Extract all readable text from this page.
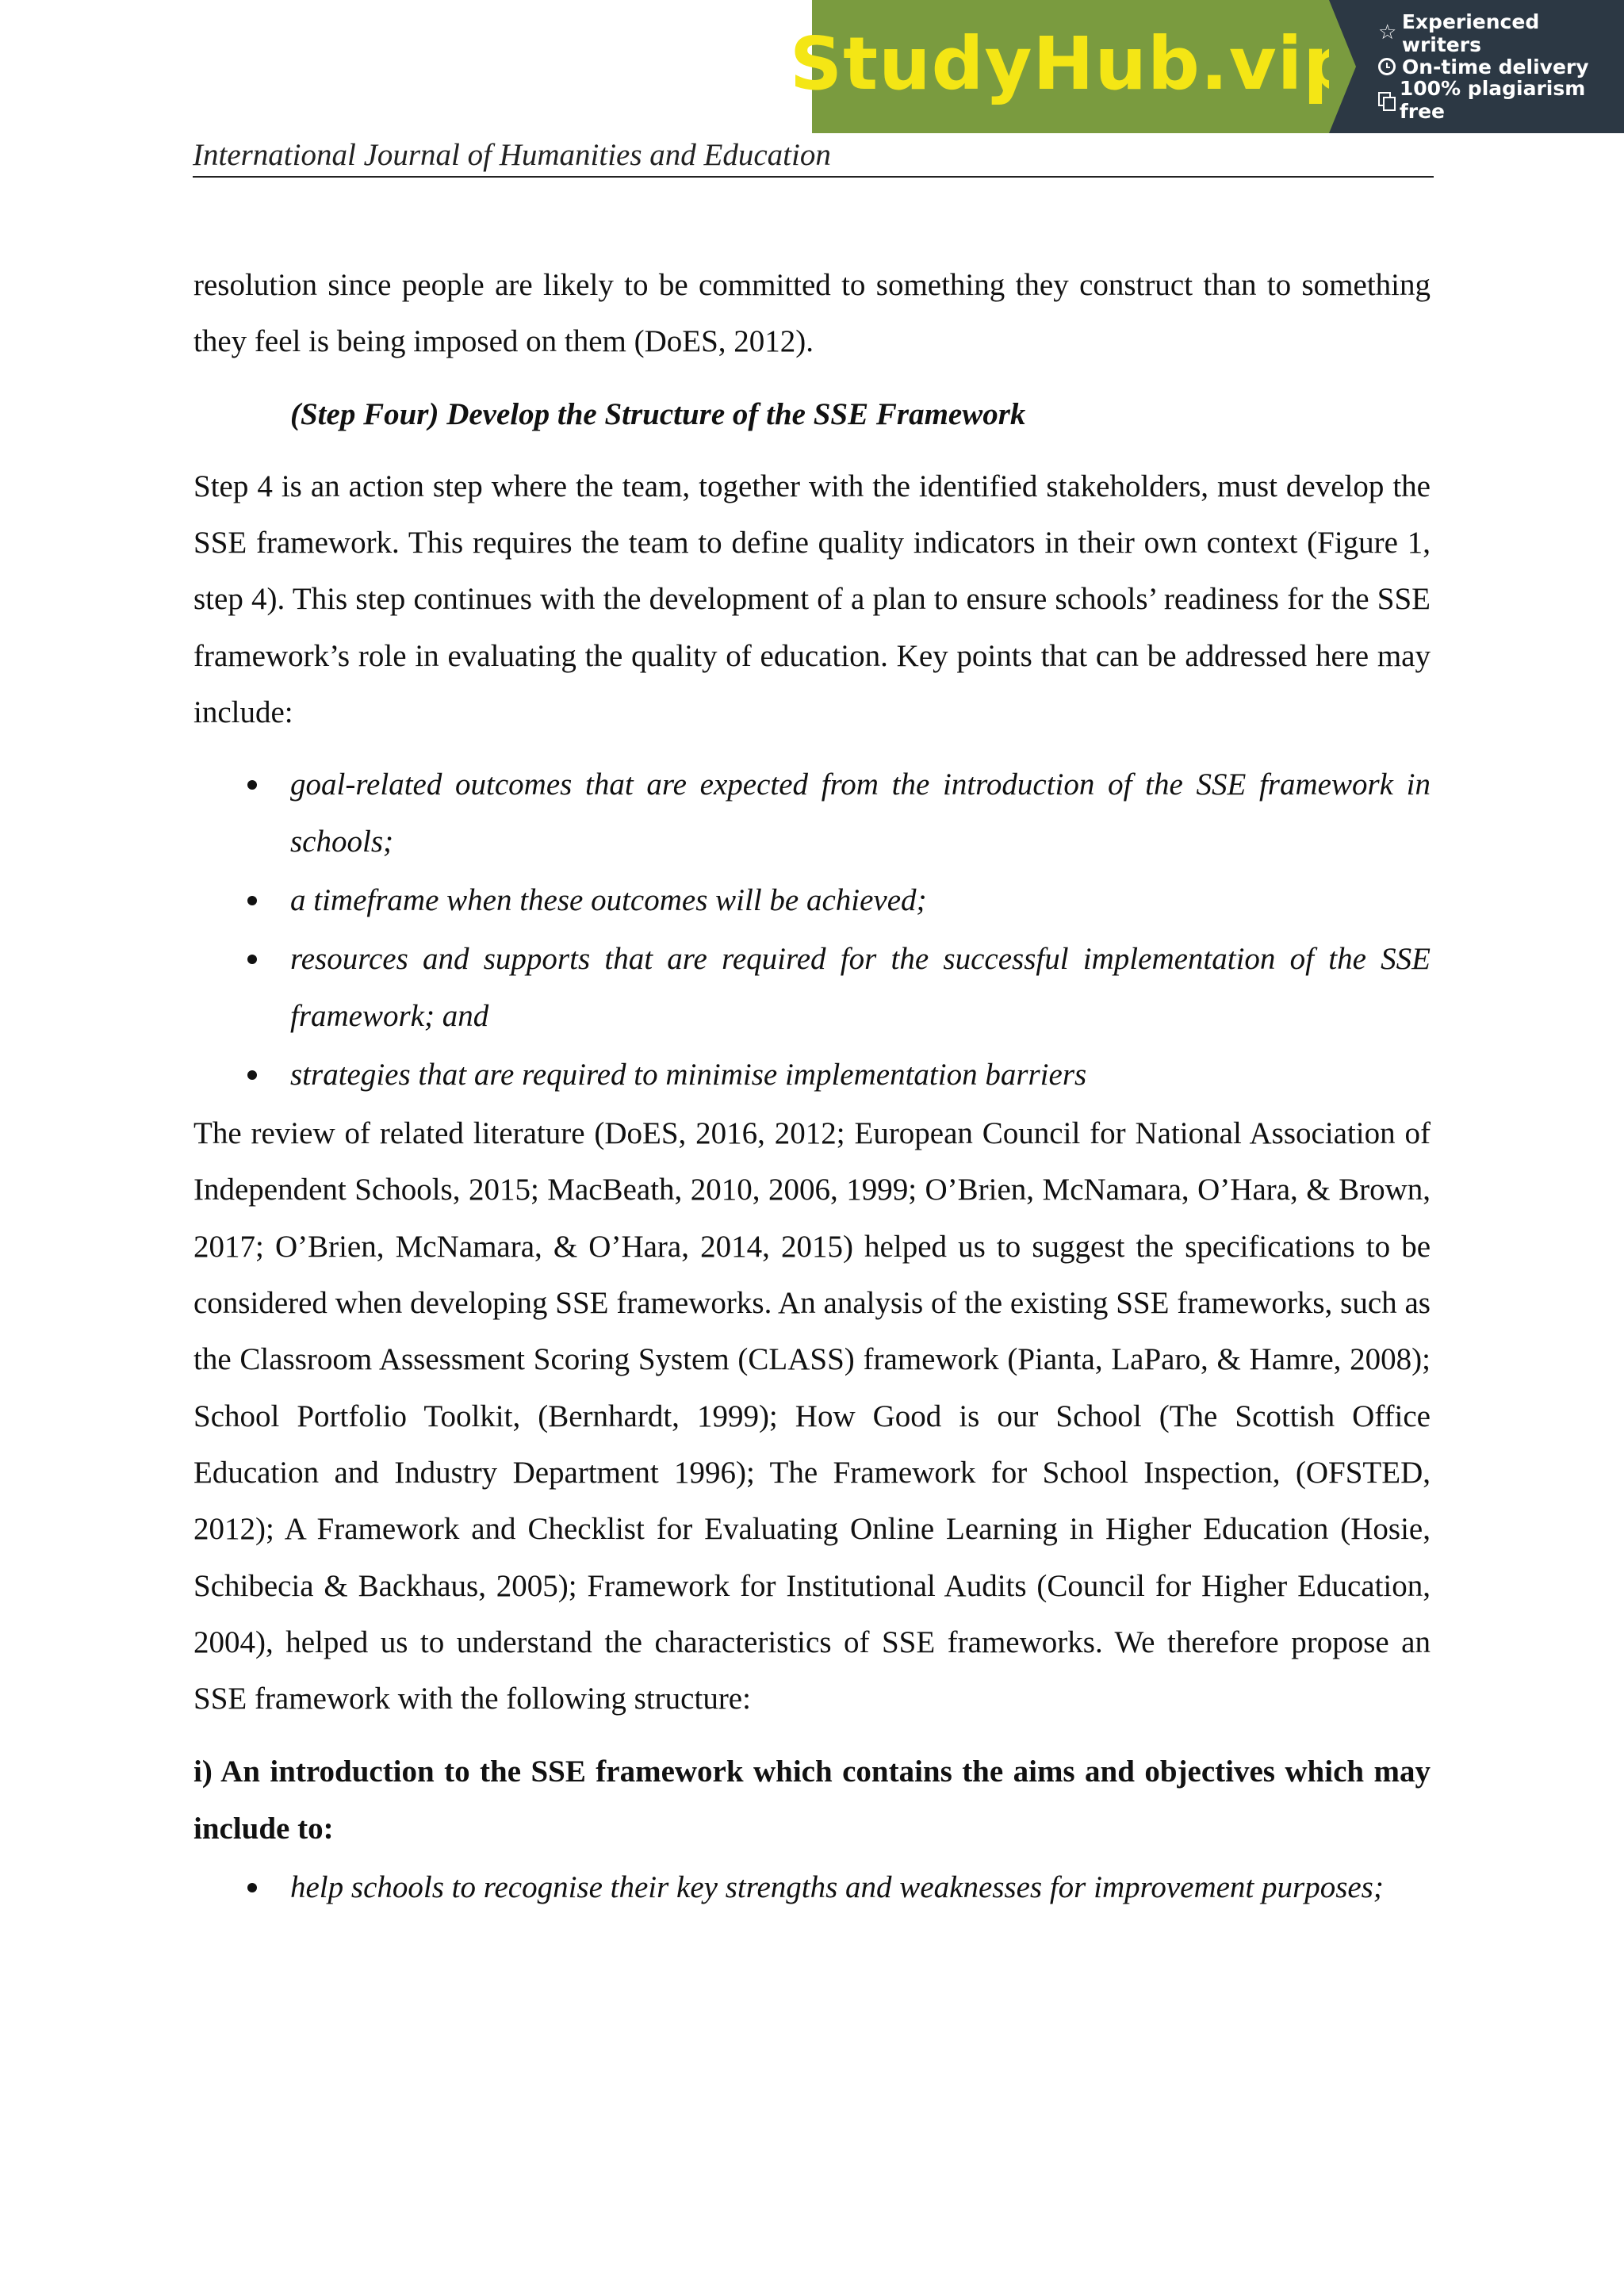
StudyHub.vip
☆ Experienced writers
On-time delivery
100% plagiarism free
International Journal of Humanities and Education

resolution since people are likely to be committed to something they construct than to something they feel is being imposed on them (DoES, 2012).

(Step Four) Develop the Structure of the SSE Framework

Step 4 is an action step where the team, together with the identified stakeholders, must develop the SSE framework. This requires the team to define quality indicators in their own context (Figure 1, step 4). This step continues with the development of a plan to ensure schools’ readiness for the SSE framework’s role in evaluating the quality of education. Key points that can be addressed here may include:

goal-related outcomes that are expected from the introduction of the SSE framework in schools;
a timeframe when these outcomes will be achieved;
resources and supports that are required for the successful implementation of the SSE framework; and
strategies that are required to minimise implementation barriers

The review of related literature (DoES, 2016, 2012; European Council for National Association of Independent Schools, 2015; MacBeath, 2010, 2006, 1999; O’Brien, McNamara, O’Hara, & Brown, 2017; O’Brien, McNamara, & O’Hara, 2014, 2015) helped us to suggest the specifications to be considered when developing SSE frameworks. An analysis of the existing SSE frameworks, such as the Classroom Assessment Scoring System (CLASS) framework (Pianta, LaParo, & Hamre, 2008); School Portfolio Toolkit, (Bernhardt, 1999); How Good is our School (The Scottish Office Education and Industry Department 1996); The Framework for School Inspection, (OFSTED, 2012); A Framework and Checklist for Evaluating Online Learning in Higher Education (Hosie, Schibecia & Backhaus, 2005); Framework for Institutional Audits (Council for Higher Education, 2004), helped us to understand the characteristics of SSE frameworks. We therefore propose an SSE framework with the following structure:

i) An introduction to the SSE framework which contains the aims and objectives which may include to:

help schools to recognise their key strengths and weaknesses for improvement purposes;
